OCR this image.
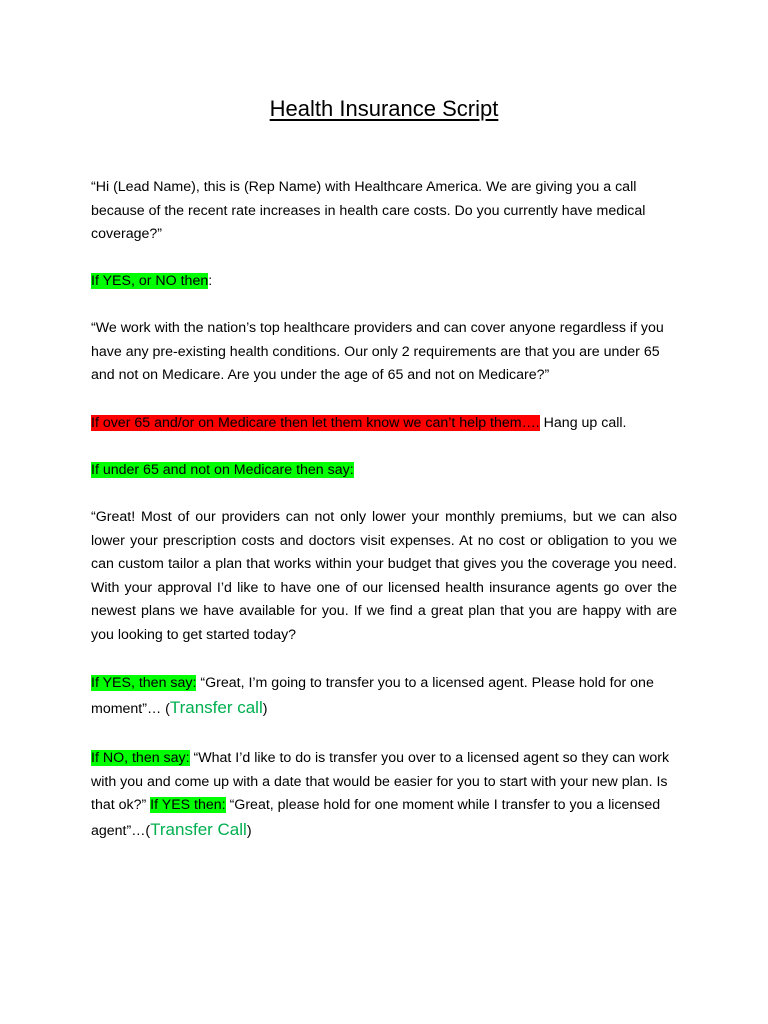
Health Insurance Script

“Hi (Lead Name), this is (Rep Name) with Healthcare America. We are giving you a call because of the recent rate increases in health care costs. Do you currently have medical coverage?”

If YES, or NO then:

“We work with the nation’s top healthcare providers and can cover anyone regardless if you have any pre-existing health conditions. Our only 2 requirements are that you are under 65 and not on Medicare. Are you under the age of 65 and not on Medicare?”

If over 65 and/or on Medicare then let them know we can’t help them…. Hang up call.

If under 65 and not on Medicare then say:

“Great! Most of our providers can not only lower your monthly premiums, but we can also lower your prescription costs and doctors visit expenses. At no cost or obligation to you we can custom tailor a plan that works within your budget that gives you the coverage you need. With your approval I’d like to have one of our licensed health insurance agents go over the newest plans we have available for you. If we find a great plan that you are happy with are you looking to get started today?

If YES, then say: “Great, I’m going to transfer you to a licensed agent. Please hold for one moment”… (Transfer call)

If NO, then say: “What I’d like to do is transfer you over to a licensed agent so they can work with you and come up with a date that would be easier for you to start with your new plan. Is that ok?” If YES then: “Great, please hold for one moment while I transfer to you a licensed agent”…(Transfer Call)
